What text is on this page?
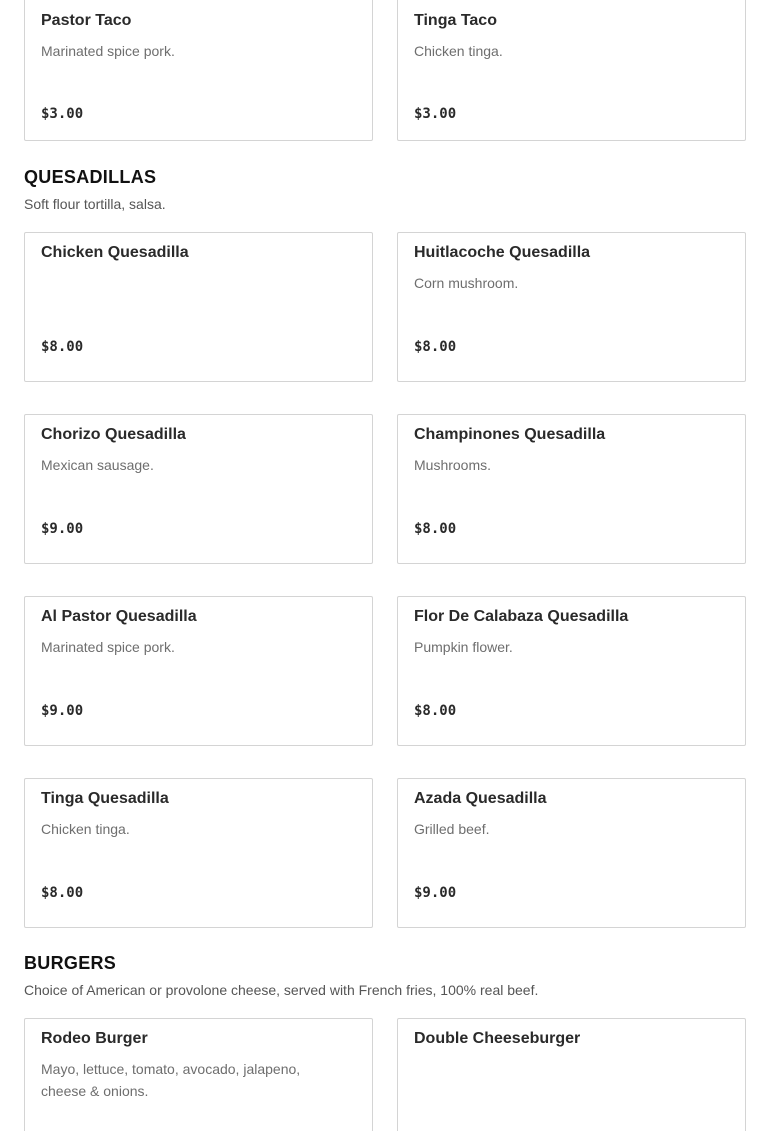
Pastor Taco
Marinated spice pork.
$3.00
Tinga Taco
Chicken tinga.
$3.00
QUESADILLAS

Soft flour tortilla, salsa.

Chicken Quesadilla
$8.00
Huitlacoche Quesadilla
Corn mushroom.
$8.00
Chorizo Quesadilla
Mexican sausage.
$9.00
Champinones Quesadilla
Mushrooms.
$8.00
Al Pastor Quesadilla
Marinated spice pork.
$9.00
Flor De Calabaza Quesadilla
Pumpkin flower.
$8.00
Tinga Quesadilla
Chicken tinga.
$8.00
Azada Quesadilla
Grilled beef.
$9.00
BURGERS

Choice of American or provolone cheese, served with French fries, 100% real beef.

Rodeo Burger
Mayo, lettuce, tomato, avocado, jalapeno, cheese & onions.
Double Cheeseburger
